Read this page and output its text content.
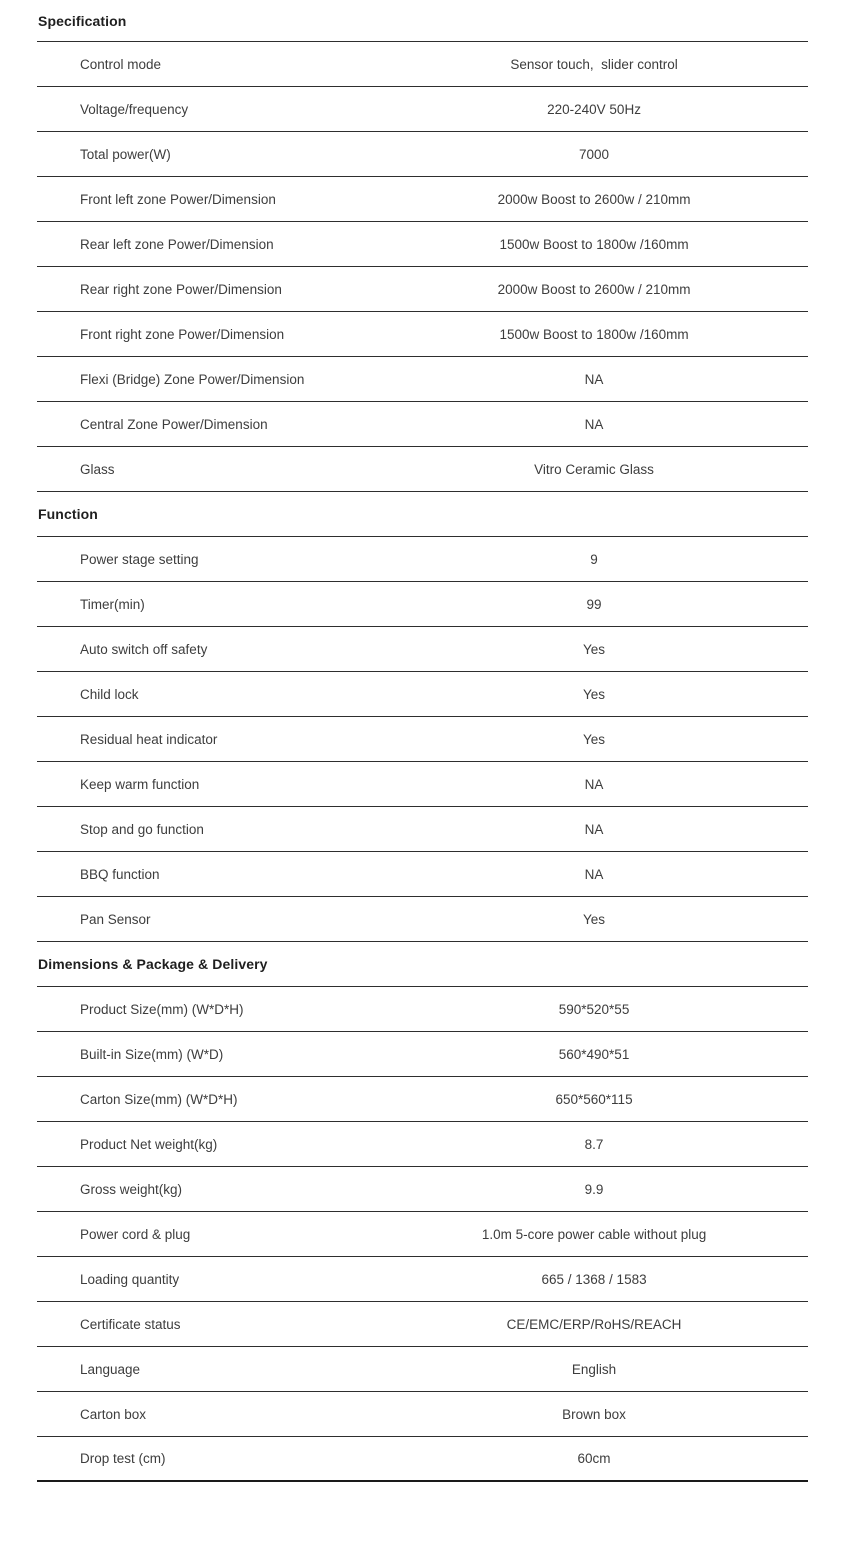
Specification
Control mode	Sensor touch,  slider control
Voltage/frequency	220-240V 50Hz
Total power(W)	7000
Front left zone Power/Dimension	2000w Boost to 2600w / 210mm
Rear left zone Power/Dimension	1500w Boost to 1800w /160mm
Rear right zone Power/Dimension	2000w Boost to 2600w / 210mm
Front right zone Power/Dimension	1500w Boost to 1800w /160mm
Flexi (Bridge) Zone Power/Dimension	NA
Central Zone Power/Dimension	NA
Glass	Vitro Ceramic Glass
Function
Power stage setting	9
Timer(min)	99
Auto switch off safety	Yes
Child lock	Yes
Residual heat indicator	Yes
Keep warm function	NA
Stop and go function	NA
BBQ function	NA
Pan Sensor	Yes
Dimensions & Package & Delivery
Product Size(mm) (W*D*H)	590*520*55
Built-in Size(mm) (W*D)	560*490*51
Carton Size(mm) (W*D*H)	650*560*115
Product Net weight(kg)	8.7
Gross weight(kg)	9.9
Power cord & plug	1.0m 5-core power cable without plug
Loading quantity	665 / 1368 / 1583
Certificate status	CE/EMC/ERP/RoHS/REACH
Language	English
Carton box	Brown box
Drop test (cm)	60cm
